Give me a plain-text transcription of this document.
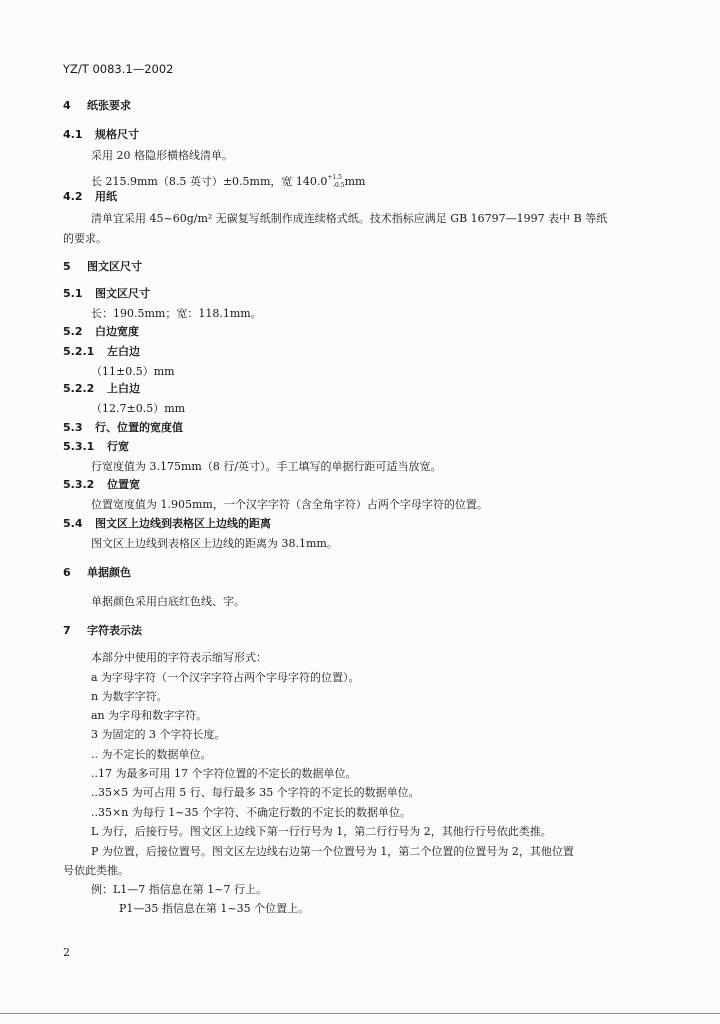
YZ/T 0083.1—2002
4 纸张要求
4.1 规格尺寸
采用 20 格隐形横格线清单。
长 215.9mm（8.5 英寸）±0.5mm，宽 $140.0^{+1.5}_{-0.5}mm$
4.2 用纸
清单宜采用 45~60g/m² 无碳复写纸制作成连续格式纸。技术指标应满足 GB 16797—1997 表中 B 等纸
的要求。
5 图文区尺寸
5.1 图文区尺寸
长：190.5mm；宽：118.1mm。
5.2 白边宽度
5.2.1 左白边
（11±0.5）mm
5.2.2 上白边
（12.7±0.5）mm
5.3 行、位置的宽度值
5.3.1 行宽
行宽度值为 3.175mm（8 行/英寸）。手工填写的单据行距可适当放宽。
5.3.2 位置宽
位置宽度值为 1.905mm，一个汉字字符（含全角字符）占两个字母字符的位置。
5.4 图文区上边线到表格区上边线的距离
图文区上边线到表格区上边线的距离为 38.1mm。
6 单据颜色
单据颜色采用白底红色线、字。
7 字符表示法
本部分中使用的字符表示缩写形式：
a 为字母字符（一个汉字字符占两个字母字符的位置）。
n 为数字字符。
an 为字母和数字字符。
3 为固定的 3 个字符长度。
.. 为不定长的数据单位。
..17 为最多可用 17 个字符位置的不定长的数据单位。
..35×5 为可占用 5 行、每行最多 35 个字符的不定长的数据单位。
..35×n 为每行 1~35 个字符、不确定行数的不定长的数据单位。
L 为行，后接行号。图文区上边线下第一行行号为 1，第二行行号为 2，其他行行号依此类推。
P 为位置，后接位置号。图文区左边线右边第一个位置号为 1，第二个位置的位置号为 2，其他位置
号依此类推。
例：L1—7 指信息在第 1~7 行上。
P1—35 指信息在第 1~35 个位置上。
2
